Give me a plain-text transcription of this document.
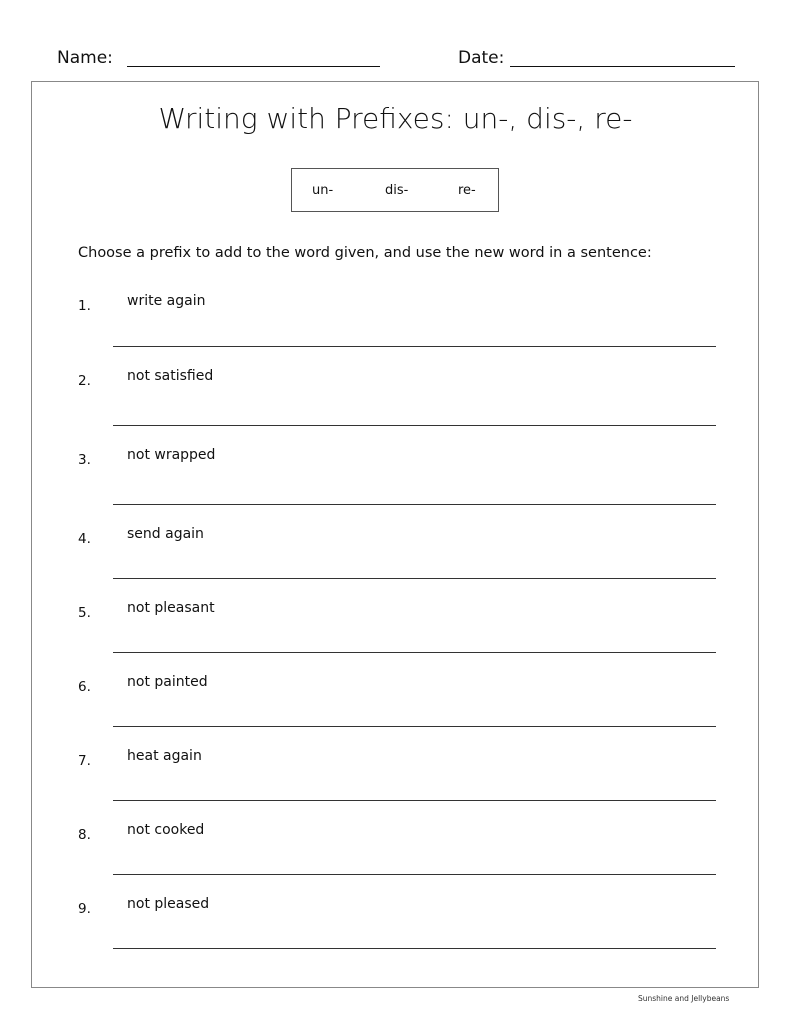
Name:	Date:
Writing with Prefixes: un-, dis-, re-
un-	dis-	re-
Choose a prefix to add to the word given, and use the new word in a sentence:
1.	write again
2.	not satisfied
3.	not wrapped
4.	send again
5.	not pleasant
6.	not painted
7.	heat again
8.	not cooked
9.	not pleased
Sunshine and Jellybeans
